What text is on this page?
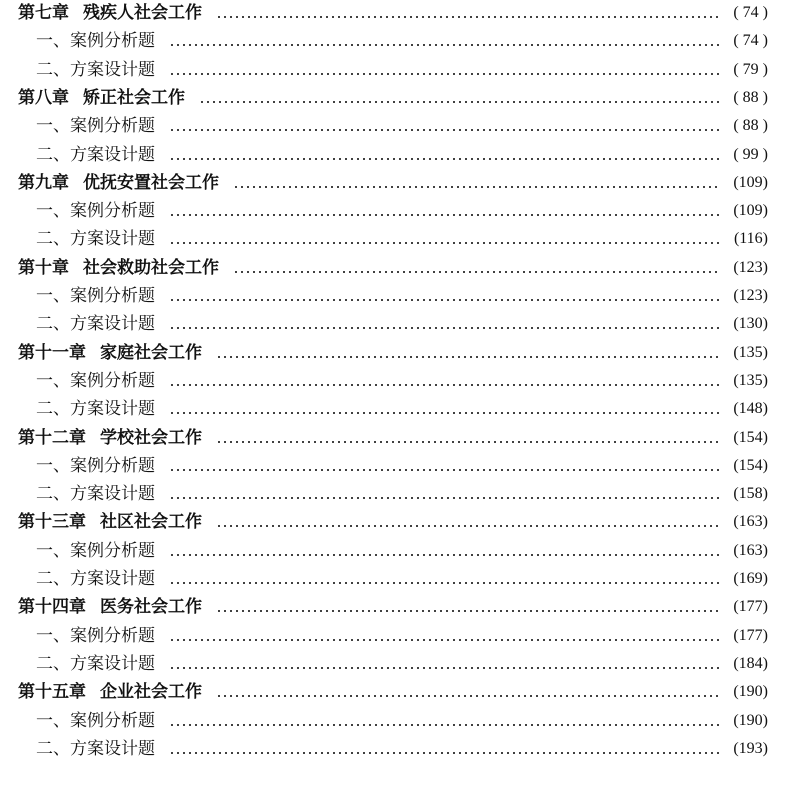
第七章 残疾人社会工作	( 74 )
一、案例分析题	( 74 )
二、方案设计题	( 79 )
第八章 矫正社会工作	( 88 )
一、案例分析题	( 88 )
二、方案设计题	( 99 )
第九章 优抚安置社会工作	(109)
一、案例分析题	(109)
二、方案设计题	(116)
第十章 社会救助社会工作	(123)
一、案例分析题	(123)
二、方案设计题	(130)
第十一章 家庭社会工作	(135)
一、案例分析题	(135)
二、方案设计题	(148)
第十二章 学校社会工作	(154)
一、案例分析题	(154)
二、方案设计题	(158)
第十三章 社区社会工作	(163)
一、案例分析题	(163)
二、方案设计题	(169)
第十四章 医务社会工作	(177)
一、案例分析题	(177)
二、方案设计题	(184)
第十五章 企业社会工作	(190)
一、案例分析题	(190)
二、方案设计题	(193)
